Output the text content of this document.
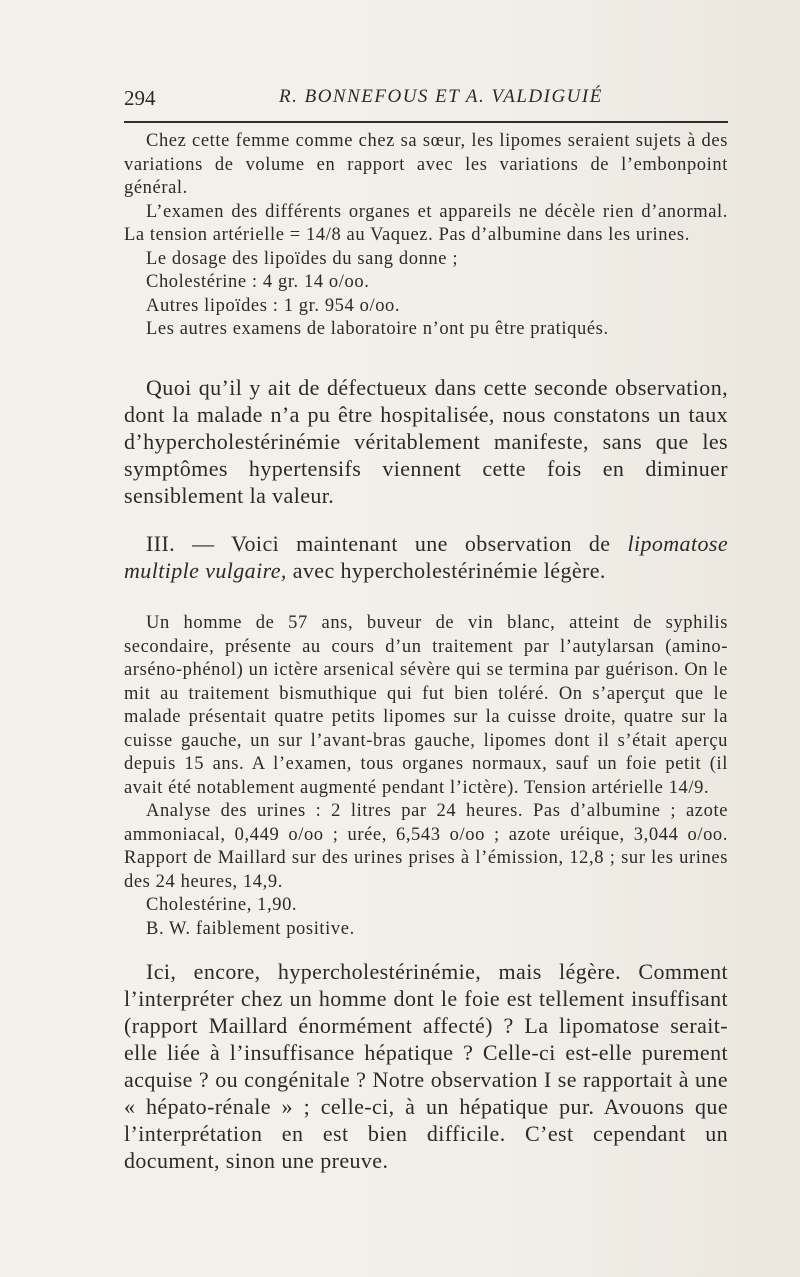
294	R. BONNEFOUS ET A. VALDIGUIÉ

Chez cette femme comme chez sa sœur, les lipomes seraient sujets à des variations de volume en rapport avec les variations de l’embonpoint général.

L’examen des différents organes et appareils ne décèle rien d’anormal. La tension artérielle = 14/8 au Vaquez. Pas d’albumine dans les urines.

Le dosage des lipoïdes du sang donne ;

Cholestérine : 4 gr. 14 o/oo.

Autres lipoïdes : 1 gr. 954 o/oo.

Les autres examens de laboratoire n’ont pu être pratiqués.

Quoi qu’il y ait de défectueux dans cette seconde observation, dont la malade n’a pu être hospitalisée, nous constatons un taux d’hypercholestérinémie véritablement manifeste, sans que les symptômes hypertensifs viennent cette fois en diminuer sensiblement la valeur.

III. — Voici maintenant une observation de lipomatose multiple vulgaire, avec hypercholestérinémie légère.

Un homme de 57 ans, buveur de vin blanc, atteint de syphilis secondaire, présente au cours d’un traitement par l’autylarsan (amino-arséno-phénol) un ictère arsenical sévère qui se termina par guérison. On le mit au traitement bismuthique qui fut bien toléré. On s’aperçut que le malade présentait quatre petits lipomes sur la cuisse droite, quatre sur la cuisse gauche, un sur l’avant-bras gauche, lipomes dont il s’était aperçu depuis 15 ans. A l’examen, tous organes normaux, sauf un foie petit (il avait été notablement augmenté pendant l’ictère). Tension artérielle 14/9.

Analyse des urines : 2 litres par 24 heures. Pas d’albumine ; azote ammoniacal, 0,449 o/oo ; urée, 6,543 o/oo ; azote uréique, 3,044 o/oo. Rapport de Maillard sur des urines prises à l’émission, 12,8 ; sur les urines des 24 heures, 14,9.

Cholestérine, 1,90.

B. W. faiblement positive.

Ici, encore, hypercholestérinémie, mais légère. Comment l’interpréter chez un homme dont le foie est tellement insuffisant (rapport Maillard énormément affecté) ? La lipomatose serait-elle liée à l’insuffisance hépatique ? Celle-ci est-elle purement acquise ? ou congénitale ? Notre observation I se rapportait à une « hépato-rénale » ; celle-ci, à un hépatique pur. Avouons que l’interprétation en est bien difficile. C’est cependant un document, sinon une preuve.
